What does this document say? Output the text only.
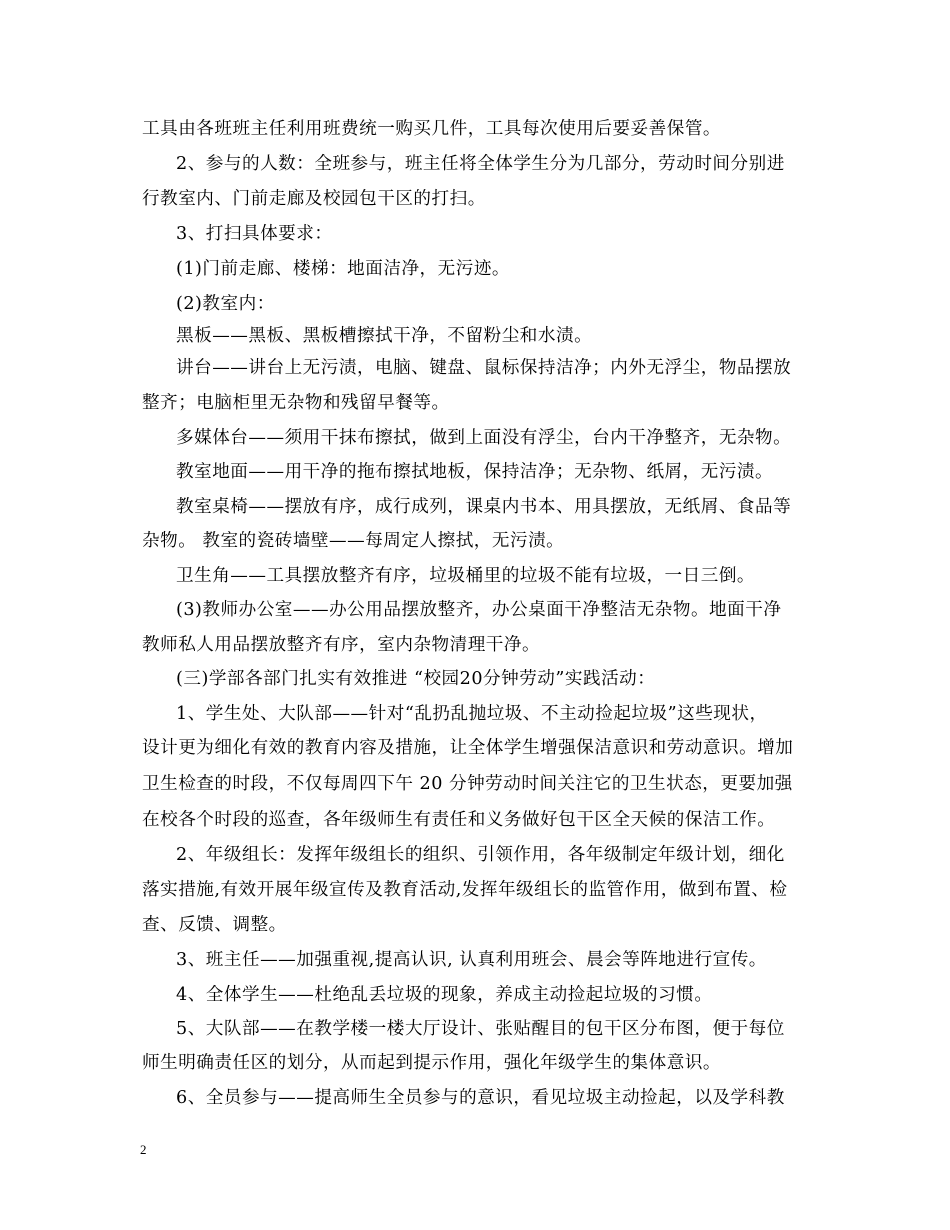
工具由各班班主任利用班费统一购买几件，工具每次使用后要妥善保管。
2、参与的人数：全班参与，班主任将全体学生分为几部分，劳动时间分别进
行教室内、门前走廊及校园包干区的打扫。
3、打扫具体要求：
(1)门前走廊、楼梯：地面洁净，无污迹。
(2)教室内：
黑板——黑板、黑板槽擦拭干净，不留粉尘和水渍。
讲台——讲台上无污渍，电脑、键盘、鼠标保持洁净；内外无浮尘，物品摆放
整齐；电脑柜里无杂物和残留早餐等。
多媒体台——须用干抹布擦拭，做到上面没有浮尘，台内干净整齐，无杂物。
教室地面——用干净的拖布擦拭地板，保持洁净；无杂物、纸屑，无污渍。
教室桌椅——摆放有序，成行成列，课桌内书本、用具摆放，无纸屑、食品等
杂物。 教室的瓷砖墙壁——每周定人擦拭，无污渍。
卫生角——工具摆放整齐有序，垃圾桶里的垃圾不能有垃圾，一日三倒。
(3)教师办公室——办公用品摆放整齐，办公桌面干净整洁无杂物。地面干净
教师私人用品摆放整齐有序，室内杂物清理干净。
(三)学部各部门扎实有效推进 “校园20分钟劳动”实践活动：
1、学生处、大队部——针对“乱扔乱抛垃圾、不主动捡起垃圾”这些现状，
设计更为细化有效的教育内容及措施，让全体学生增强保洁意识和劳动意识。增加
卫生检查的时段，不仅每周四下午 20 分钟劳动时间关注它的卫生状态，更要加强
在校各个时段的巡查，各年级师生有责任和义务做好包干区全天候的保洁工作。
2、年级组长：发挥年级组长的组织、引领作用，各年级制定年级计划，细化
落实措施,有效开展年级宣传及教育活动,发挥年级组长的监管作用，做到布置、检
查、反馈、调整。
3、班主任——加强重视,提高认识, 认真利用班会、晨会等阵地进行宣传。
4、全体学生——杜绝乱丢垃圾的现象，养成主动捡起垃圾的习惯。
5、大队部——在教学楼一楼大厅设计、张贴醒目的包干区分布图，便于每位
师生明确责任区的划分，从而起到提示作用，强化年级学生的集体意识。
6、全员参与——提高师生全员参与的意识，看见垃圾主动捡起，以及学科教
2
